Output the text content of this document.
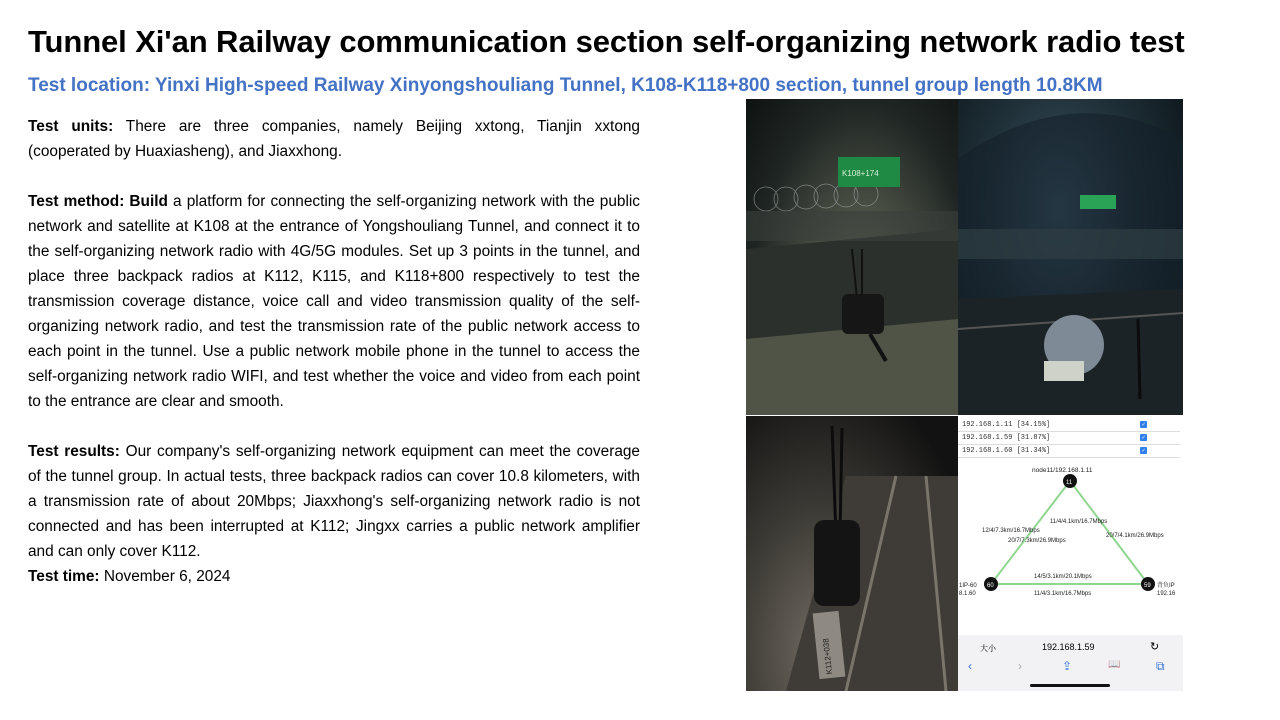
Tunnel Xi'an Railway communication section self-organizing network radio test
Test location: Yinxi High-speed Railway Xinyongshouliang Tunnel, K108-K118+800 section, tunnel group length 10.8KM

Test units: There are three companies, namely Beijing xxtong, Tianjin xxtong (cooperated by Huaxiasheng), and Jiaxxhong.

Test method: Build a platform for connecting the self-organizing network with the public network and satellite at K108 at the entrance of Yongshouliang Tunnel, and connect it to the self-organizing network radio with 4G/5G modules. Set up 3 points in the tunnel, and place three backpack radios at K112, K115, and K118+800 respectively to test the transmission coverage distance, voice call and video transmission quality of the self-organizing network radio, and test the transmission rate of the public network access to each point in the tunnel. Use a public network mobile phone in the tunnel to access the self-organizing network radio WIFI, and test whether the voice and video from each point to the entrance are clear and smooth.

Test results: Our company's self-organizing network equipment can meet the coverage of the tunnel group. In actual tests, three backpack radios can cover 10.8 kilometers, with a transmission rate of about 20Mbps; Jiaxxhong's self-organizing network radio is not connected and has been interrupted at K112; Jingxx carries a public network amplifier and can only cover K112.

Test time: November 6, 2024

K108+174
K112+038
192.168.1.11 [34.15%]	✓
192.168.1.59 [31.87%]	✓
192.168.1.60 [31.34%]	✓
node11/192.168.1.11
11
60	59
1IP-60
8.1.60
背负IP
192.16
11/4/4.1km/16.7Mbps
12/4/7.3km/16.7Mbps
20/7/7.3km/26.9Mbps
20/7/4.1km/26.9Mbps
14/5/3.1km/20.1Mbps
11/4/3.1km/16.7Mbps
大小	192.168.1.59	↻
‹	›	⇪	📖	⧉
